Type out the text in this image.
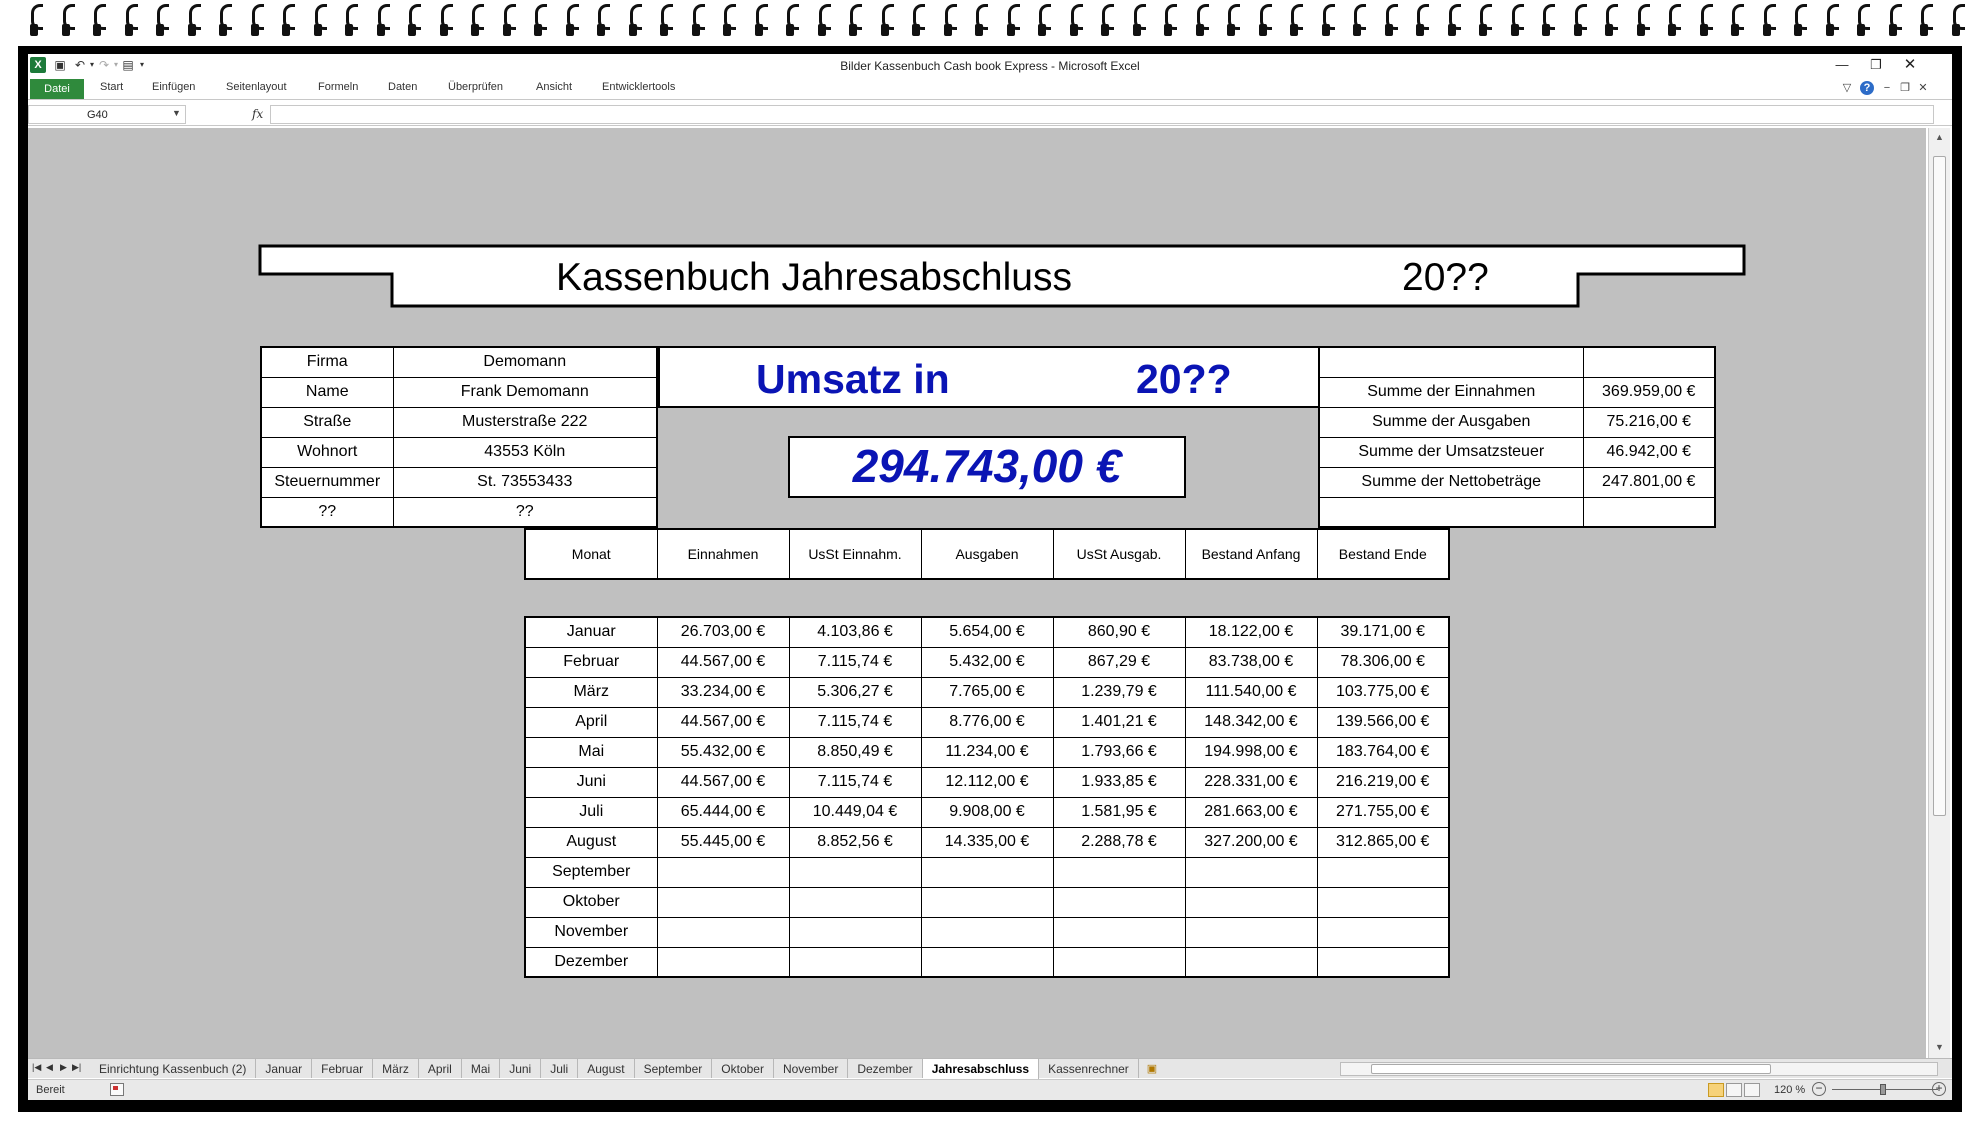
X	▣ ↶ ▾ ↷ ▾ ▤ ▾	Bilder Kassenbuch Cash book Express - Microsoft Excel	—	❐	✕
Datei	Start	Einfügen	Seitenlayout	Formeln	Daten	Überprüfen	Ansicht	Entwicklertools	▽	?	− ❐ ✕
G40	▼	fx
Kassenbuch Jahresabschluss	20??
Firma	Demomann
Name	Frank Demomann
Straße	Musterstraße 222
Wohnort	43553 Köln
Steuernummer	St. 73553433
??	??
Umsatz in	20??
294.743,00 €

Summe der Einnahmen	369.959,00 €
Summe der Ausgaben	75.216,00 €
Summe der Umsatzsteuer	46.942,00 €
Summe der Nettobeträge	247.801,00 €

Monat	Einnahmen	UsSt Einnahm.	Ausgaben	UsSt Ausgab.	Bestand Anfang	Bestand Ende
Januar	26.703,00 €	4.103,86 €	5.654,00 €	860,90 €	18.122,00 €	39.171,00 €
Februar	44.567,00 €	7.115,74 €	5.432,00 €	867,29 €	83.738,00 €	78.306,00 €
März	33.234,00 €	5.306,27 €	7.765,00 €	1.239,79 €	111.540,00 €	103.775,00 €
April	44.567,00 €	7.115,74 €	8.776,00 €	1.401,21 €	148.342,00 €	139.566,00 €
Mai	55.432,00 €	8.850,49 €	11.234,00 €	1.793,66 €	194.998,00 €	183.764,00 €
Juni	44.567,00 €	7.115,74 €	12.112,00 €	1.933,85 €	228.331,00 €	216.219,00 €
Juli	65.444,00 €	10.449,04 €	9.908,00 €	1.581,95 €	281.663,00 €	271.755,00 €
August	55.445,00 €	8.852,56 €	14.335,00 €	2.288,78 €	327.200,00 €	312.865,00 €
September						
Oktober						
November						
Dezember						
▲
▼
|◀ ◀ ▶ ▶|	Einrichtung Kassenbuch (2)	Januar	Februar	März	April	Mai	Juni	Juli	August	September	Oktober	November	Dezember	Jahresabschluss	Kassenrechner	▣
Bereit	120 % −	+
